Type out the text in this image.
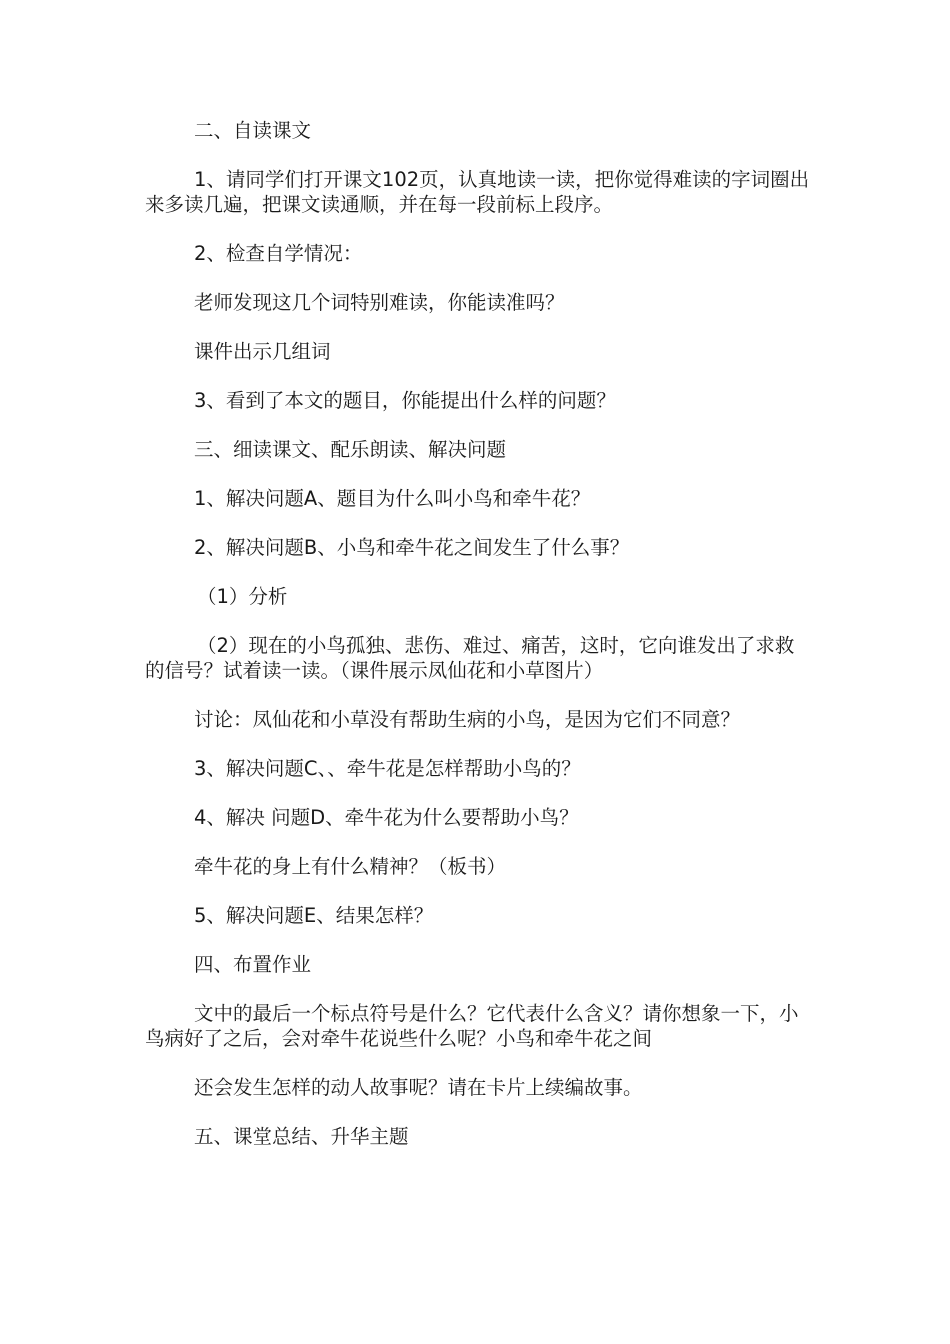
二、自读课文

1、请同学们打开课文102页，认真地读一读，把你觉得难读的字词圈出来多读几遍，把课文读通顺，并在每一段前标上段序。

2、检查自学情况：

老师发现这几个词特别难读，你能读准吗？

课件出示几组词

3、看到了本文的题目，你能提出什么样的问题？

三、细读课文、配乐朗读、解决问题

1、解决问题A、题目为什么叫小鸟和牵牛花？

2、解决问题B、小鸟和牵牛花之间发生了什么事？

（1）分析

（2）现在的小鸟孤独、悲伤、难过、痛苦，这时，它向谁发出了求救的信号？试着读一读。（课件展示凤仙花和小草图片）

讨论：凤仙花和小草没有帮助生病的小鸟，是因为它们不同意？

3、解决问题C、、牵牛花是怎样帮助小鸟的？

4、解决 问题D、牵牛花为什么要帮助小鸟？

牵牛花的身上有什么精神？（板书）

5、解决问题E、结果怎样？

四、布置作业

文中的最后一个标点符号是什么？它代表什么含义？请你想象一下，小鸟病好了之后，会对牵牛花说些什么呢？小鸟和牵牛花之间

还会发生怎样的动人故事呢？请在卡片上续编故事。

五、课堂总结、升华主题
